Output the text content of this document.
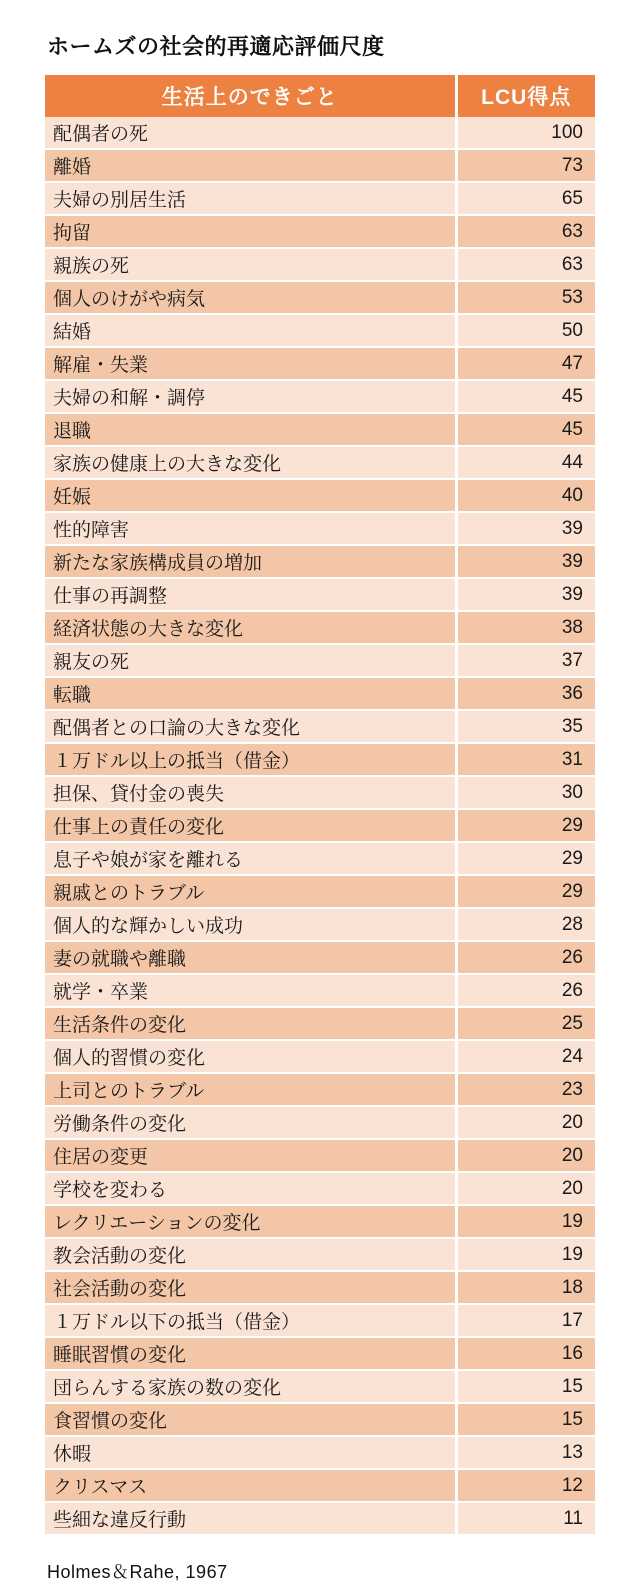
ホームズの社会的再適応評価尺度
生活上のできごと	LCU得点
配偶者の死	100
離婚	73
夫婦の別居生活	65
拘留	63
親族の死	63
個人のけがや病気	53
結婚	50
解雇・失業	47
夫婦の和解・調停	45
退職	45
家族の健康上の大きな変化	44
妊娠	40
性的障害	39
新たな家族構成員の増加	39
仕事の再調整	39
経済状態の大きな変化	38
親友の死	37
転職	36
配偶者との口論の大きな変化	35
１万ドル以上の抵当（借金）	31
担保、貸付金の喪失	30
仕事上の責任の変化	29
息子や娘が家を離れる	29
親戚とのトラブル	29
個人的な輝かしい成功	28
妻の就職や離職	26
就学・卒業	26
生活条件の変化	25
個人的習慣の変化	24
上司とのトラブル	23
労働条件の変化	20
住居の変更	20
学校を変わる	20
レクリエーションの変化	19
教会活動の変化	19
社会活動の変化	18
１万ドル以下の抵当（借金）	17
睡眠習慣の変化	16
団らんする家族の数の変化	15
食習慣の変化	15
休暇	13
クリスマス	12
些細な違反行動	11
Holmes＆Rahe, 1967
